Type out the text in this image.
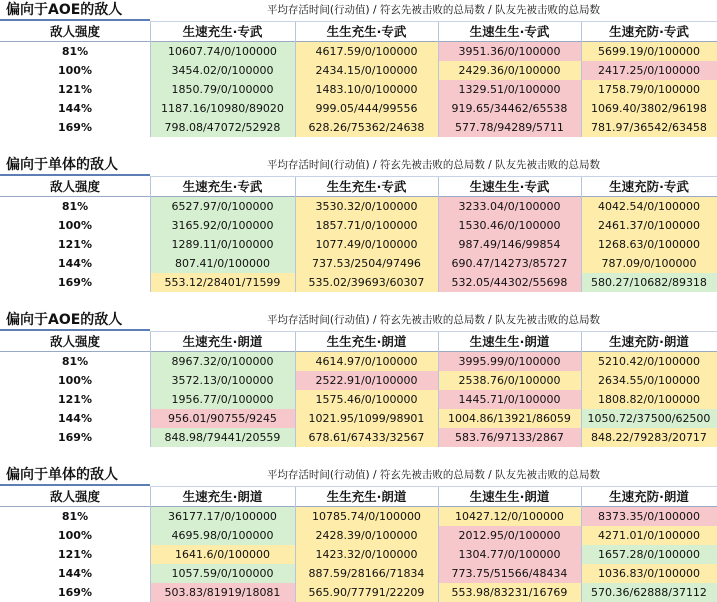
偏向于AOE的敌人	平均存活时间(行动值) / 符玄先被击败的总局数 / 队友先被击败的总局数
敌人强度	生速充生·专武	生生充生·专武	生速生生·专武	生速充防·专武
81%	10607.74/0/100000	4617.59/0/100000	3951.36/0/100000	5699.19/0/100000
100%	3454.02/0/100000	2434.15/0/100000	2429.36/0/100000	2417.25/0/100000
121%	1850.79/0/100000	1483.10/0/100000	1329.51/0/100000	1758.79/0/100000
144%	1187.16/10980/89020	999.05/444/99556	919.65/34462/65538	1069.40/3802/96198
169%	798.08/47072/52928	628.26/75362/24638	577.78/94289/5711	781.97/36542/63458
偏向于单体的敌人	平均存活时间(行动值) / 符玄先被击败的总局数 / 队友先被击败的总局数
敌人强度	生速充生·专武	生生充生·专武	生速生生·专武	生速充防·专武
81%	6527.97/0/100000	3530.32/0/100000	3233.04/0/100000	4042.54/0/100000
100%	3165.92/0/100000	1857.71/0/100000	1530.46/0/100000	2461.37/0/100000
121%	1289.11/0/100000	1077.49/0/100000	987.49/146/99854	1268.63/0/100000
144%	807.41/0/100000	737.53/2504/97496	690.47/14273/85727	787.09/0/100000
169%	553.12/28401/71599	535.02/39693/60307	532.05/44302/55698	580.27/10682/89318
偏向于AOE的敌人	平均存活时间(行动值) / 符玄先被击败的总局数 / 队友先被击败的总局数
敌人强度	生速充生·朗道	生生充生·朗道	生速生生·朗道	生速充防·朗道
81%	8967.32/0/100000	4614.97/0/100000	3995.99/0/100000	5210.42/0/100000
100%	3572.13/0/100000	2522.91/0/100000	2538.76/0/100000	2634.55/0/100000
121%	1956.77/0/100000	1575.46/0/100000	1445.71/0/100000	1808.82/0/100000
144%	956.01/90755/9245	1021.95/1099/98901	1004.86/13921/86059	1050.72/37500/62500
169%	848.98/79441/20559	678.61/67433/32567	583.76/97133/2867	848.22/79283/20717
偏向于单体的敌人	平均存活时间(行动值) / 符玄先被击败的总局数 / 队友先被击败的总局数
敌人强度	生速充生·朗道	生生充生·朗道	生速生生·朗道	生速充防·朗道
81%	36177.17/0/100000	10785.74/0/100000	10427.12/0/100000	8373.35/0/100000
100%	4695.98/0/100000	2428.39/0/100000	2012.95/0/100000	4271.01/0/100000
121%	1641.6/0/100000	1423.32/0/100000	1304.77/0/100000	1657.28/0/100000
144%	1057.59/0/100000	887.59/28166/71834	773.75/51566/48434	1036.83/0/100000
169%	503.83/81919/18081	565.90/77791/22209	553.98/83231/16769	570.36/62888/37112
